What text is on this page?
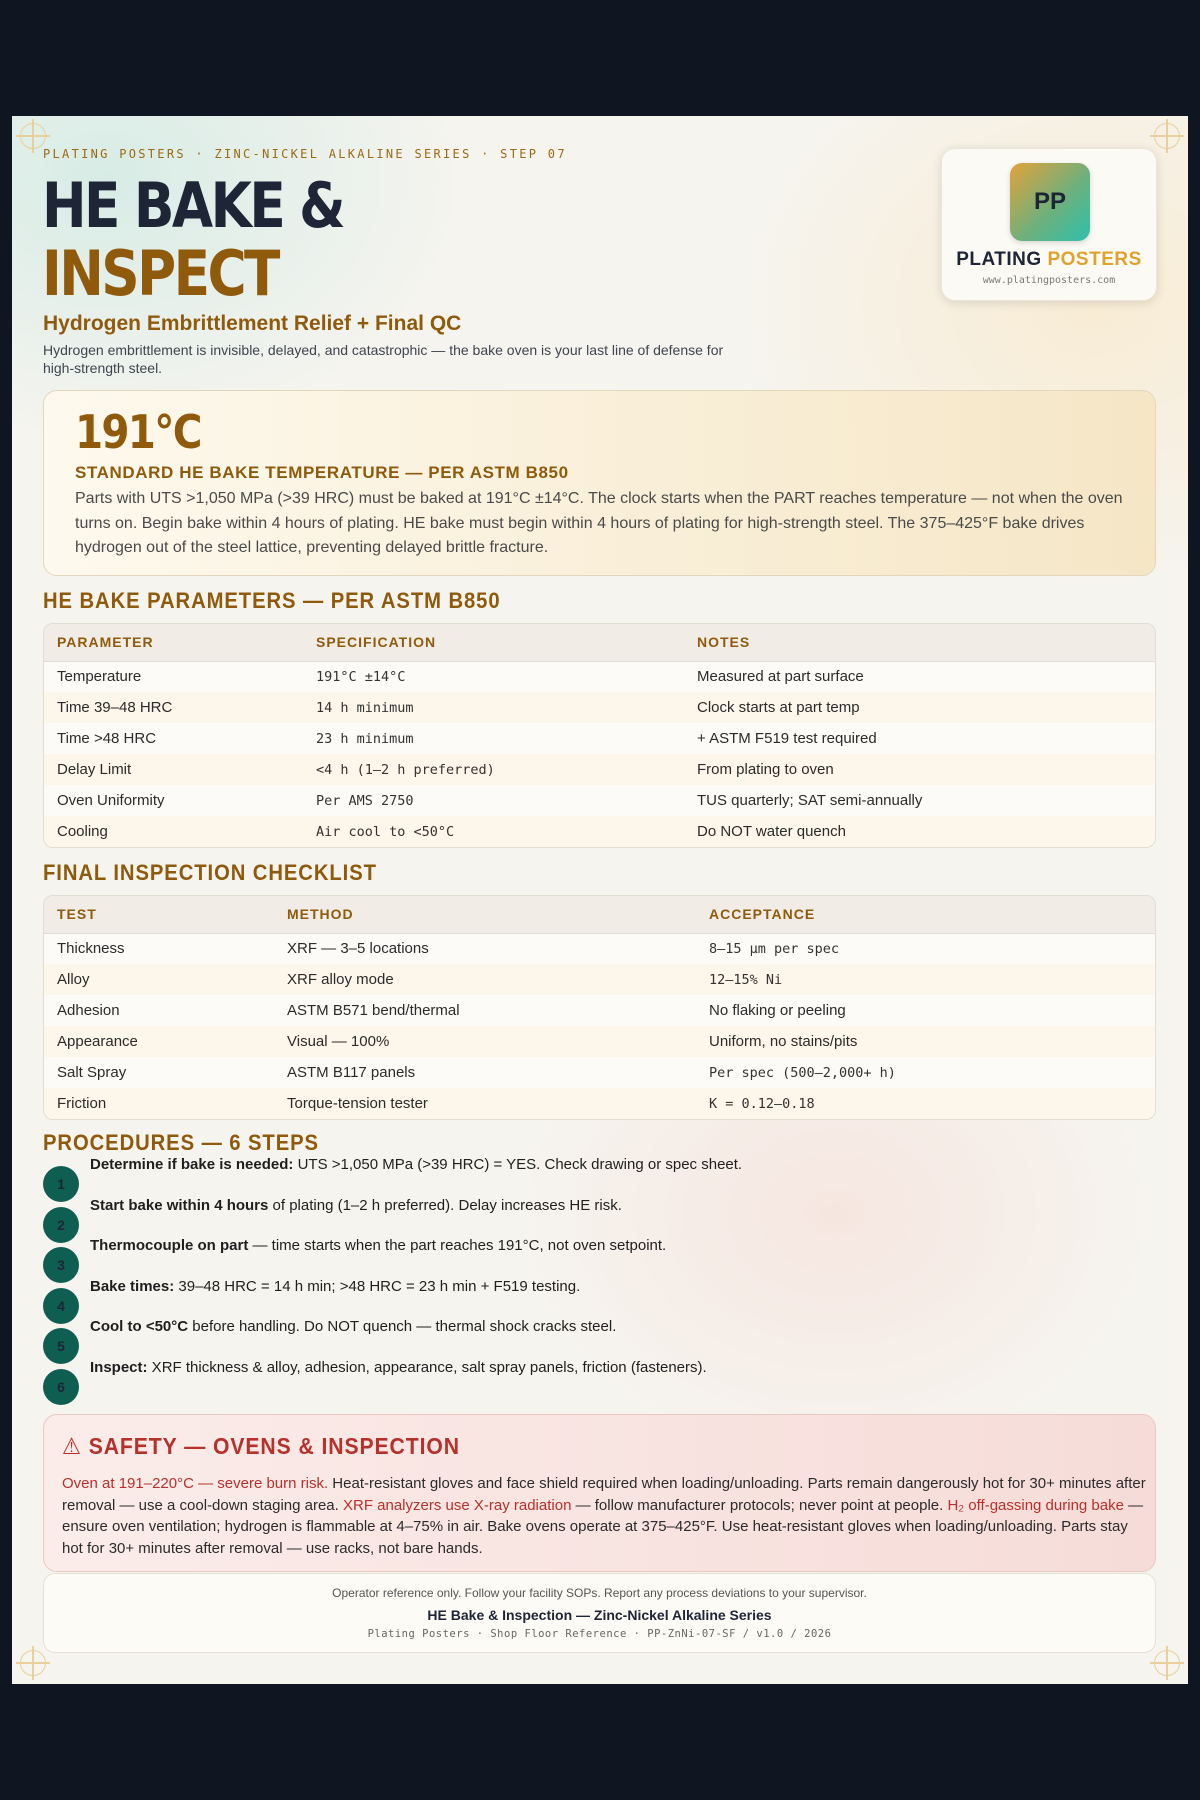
PLATING POSTERS · ZINC-NICKEL ALKALINE SERIES · STEP 07
HE BAKE &
INSPECT
Hydrogen Embrittlement Relief + Final QC
Hydrogen embrittlement is invisible, delayed, and catastrophic — the bake oven is your last line of defense for high-strength steel.
PP
PLATING POSTERS
www.platingposters.com
191°C
STANDARD HE BAKE TEMPERATURE — PER ASTM B850
Parts with UTS >1,050 MPa (>39 HRC) must be baked at 191°C ±14°C. The clock starts when the PART reaches temperature — not when the oven turns on. Begin bake within 4 hours of plating. HE bake must begin within 4 hours of plating for high-strength steel. The 375–425°F bake drives hydrogen out of the steel lattice, preventing delayed brittle fracture.
HE BAKE PARAMETERS — PER ASTM B850
PARAMETER	SPECIFICATION	NOTES
Temperature	191°C ±14°C	Measured at part surface
Time 39–48 HRC	14 h minimum	Clock starts at part temp
Time >48 HRC	23 h minimum	+ ASTM F519 test required
Delay Limit	<4 h (1–2 h preferred)	From plating to oven
Oven Uniformity	Per AMS 2750	TUS quarterly; SAT semi-annually
Cooling	Air cool to <50°C	Do NOT water quench
FINAL INSPECTION CHECKLIST
TEST	METHOD	ACCEPTANCE
Thickness	XRF — 3–5 locations	8–15 µm per spec
Alloy	XRF alloy mode	12–15% Ni
Adhesion	ASTM B571 bend/thermal	No flaking or peeling
Appearance	Visual — 100%	Uniform, no stains/pits
Salt Spray	ASTM B117 panels	Per spec (500–2,000+ h)
Friction	Torque-tension tester	K = 0.12–0.18
PROCEDURES — 6 STEPS
1
Determine if bake is needed: UTS >1,050 MPa (>39 HRC) = YES. Check drawing or spec sheet.
2
Start bake within 4 hours of plating (1–2 h preferred). Delay increases HE risk.
3
Thermocouple on part — time starts when the part reaches 191°C, not oven setpoint.
4
Bake times: 39–48 HRC = 14 h min; >48 HRC = 23 h min + F519 testing.
5
Cool to <50°C before handling. Do NOT quench — thermal shock cracks steel.
6
Inspect: XRF thickness & alloy, adhesion, appearance, salt spray panels, friction (fasteners).
⚠ SAFETY — OVENS & INSPECTION
Oven at 191–220°C — severe burn risk. Heat-resistant gloves and face shield required when loading/unloading. Parts remain dangerously hot for 30+ minutes after removal — use a cool-down staging area. XRF analyzers use X-ray radiation — follow manufacturer protocols; never point at people. H₂ off-gassing during bake — ensure oven ventilation; hydrogen is flammable at 4–75% in air. Bake ovens operate at 375–425°F. Use heat-resistant gloves when loading/unloading. Parts stay hot for 30+ minutes after removal — use racks, not bare hands.
Operator reference only. Follow your facility SOPs. Report any process deviations to your supervisor.
HE Bake & Inspection — Zinc-Nickel Alkaline Series
Plating Posters · Shop Floor Reference · PP-ZnNi-07-SF / v1.0 / 2026
